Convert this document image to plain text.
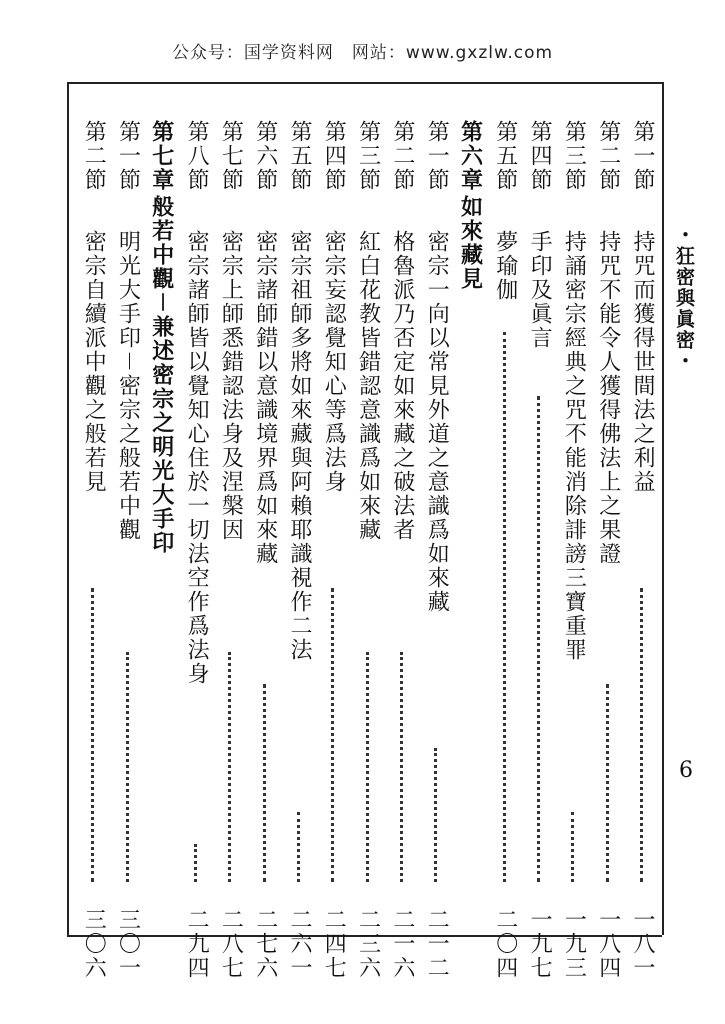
公众号：国学资料网　网站：www.gxzlw.com
・狂密與眞密・
6
第一節
持咒而獲得世間法之利益
一八一
第二節
持咒不能令人獲得佛法上之果證
一八四
第三節
持誦密宗經典之咒不能消除誹謗三寶重罪
一九三
第四節
手印及眞言
一九七
第五節
夢瑜伽
二〇四
第六章
如來藏見
第一節
密宗一向以常見外道之意識爲如來藏
二一二
第二節
格魯派乃否定如來藏之破法者
二一六
第三節
紅白花教皆錯認意識爲如來藏
二三六
第四節
密宗妄認覺知心等爲法身
二四七
第五節
密宗祖師多將如來藏與阿賴耶識視作二法
二六一
第六節
密宗諸師錯以意識境界爲如來藏
二七六
第七節
密宗上師悉錯認法身及涅槃因
二八七
第八節
密宗諸師皆以覺知心住於一切法空作爲法身
二九四
第七章
般若中觀－兼述密宗之明光大手印
第一節
明光大手印－密宗之般若中觀
三〇一
第二節
密宗自續派中觀之般若見
三〇六
